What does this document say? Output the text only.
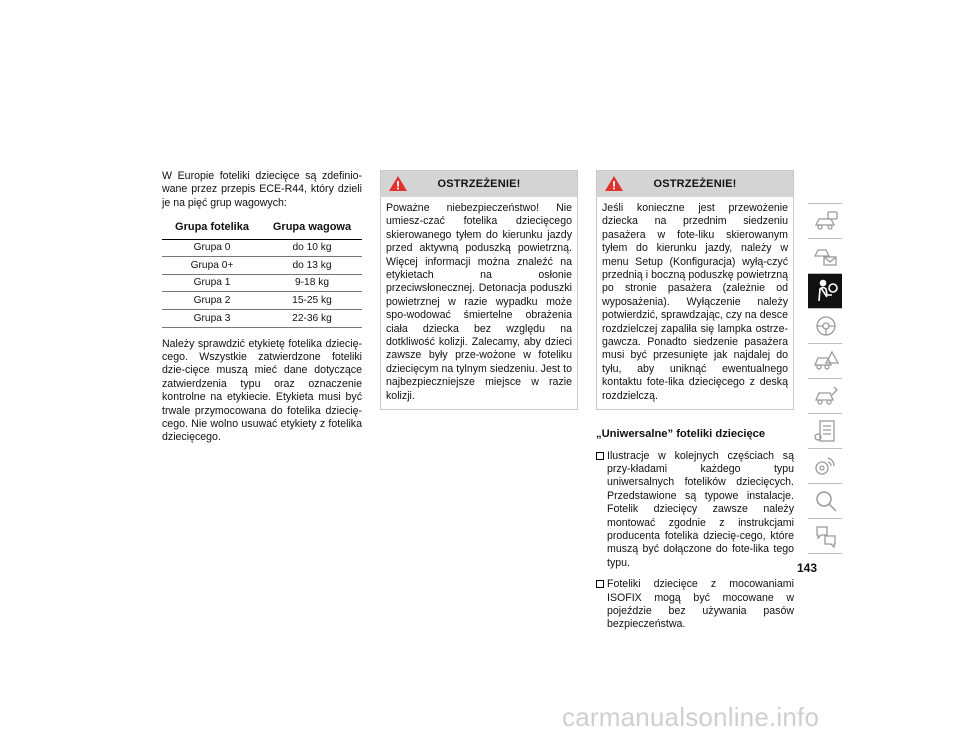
W Europie foteliki dziecięce są zdefinio-wane przez przepis ECE-R44, który dzieli je na pięć grup wagowych:

Grupa fotelika	Grupa wagowa
Grupa 0	do 10 kg
Grupa 0+	do 13 kg
Grupa 1	9-18 kg
Grupa 2	15-25 kg
Grupa 3	22-36 kg

Należy sprawdzić etykietę fotelika dziecię-cego. Wszystkie zatwierdzone foteliki dzie-cięce muszą mieć dane dotyczące zatwierdzenia typu oraz oznaczenie kontrolne na etykiecie. Etykieta musi być trwale przymocowana do fotelika dziecię-cego. Nie wolno usuwać etykiety z fotelika dziecięcego.

OSTRZEŻENIE!
Poważne niebezpieczeństwo! Nie umiesz-czać fotelika dziecięcego skierowanego tyłem do kierunku jazdy przed aktywną poduszką powietrzną. Więcej informacji można znaleźć na etykietach na osłonie przeciwsłonecznej. Detonacja poduszki powietrznej w razie wypadku może spo-wodować śmiertelne obrażenia ciała dziecka bez względu na dotkliwość kolizji. Zalecamy, aby dzieci zawsze były prze-wożone w foteliku dziecięcym na tylnym siedzeniu. Jest to najbezpieczniejsze miejsce w razie kolizji.
OSTRZEŻENIE!
Jeśli konieczne jest przewożenie dziecka na przednim siedzeniu pasażera w fote-liku skierowanym tyłem do kierunku jazdy, należy w menu Setup (Konfiguracja) wyłą-czyć przednią i boczną poduszkę powietrzną po stronie pasażera (zależnie od wyposażenia). Wyłączenie należy potwierdzić, sprawdzając, czy na desce rozdzielczej zapaliła się lampka ostrze-gawcza. Ponadto siedzenie pasażera musi być przesunięte jak najdalej do tyłu, aby uniknąć ewentualnego kontaktu fote-lika dziecięcego z deską rozdzielczą.
„Uniwersalne” foteliki dziecięce
Ilustracje w kolejnych częściach są przy-kładami każdego typu uniwersalnych fotelików dziecięcych. Przedstawione są typowe instalacje. Fotelik dziecięcy zawsze należy montować zgodnie z instrukcjami producenta fotelika dziecię-cego, które muszą być dołączone do fote-lika tego typu.
Foteliki dziecięce z mocowaniami ISOFIX mogą być mocowane w pojeździe bez używania pasów bezpieczeństwa.
143
carmanualsonline.info
